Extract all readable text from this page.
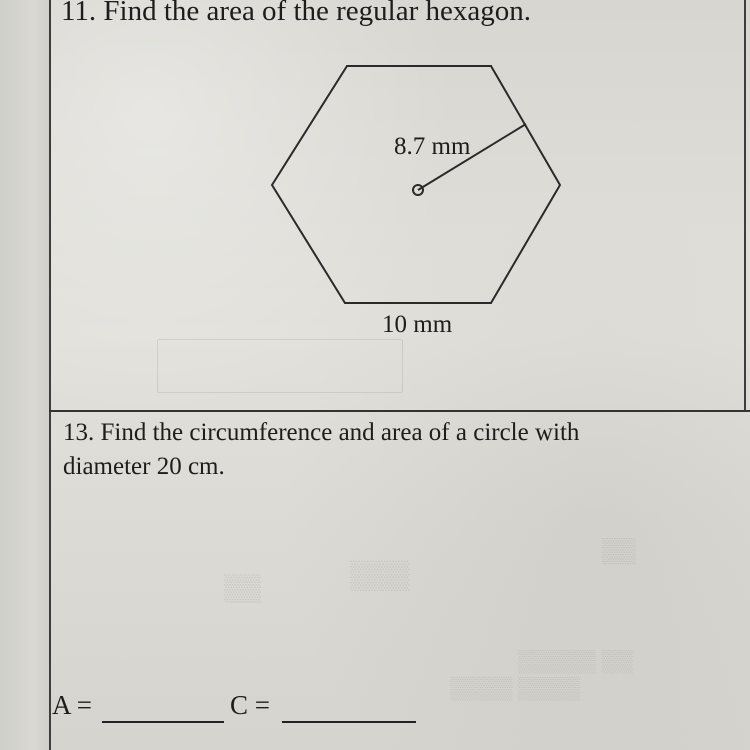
▒▒ ▒▒▒▒▒
▒▒▒▒ ▒▒▒▒
▒▒
▒▒▒
▒▒
11. Find the area of the regular hexagon.
8.7 mm
10 mm
13. Find the circumference and area of a circle with
diameter 20 cm.
A =	C =
